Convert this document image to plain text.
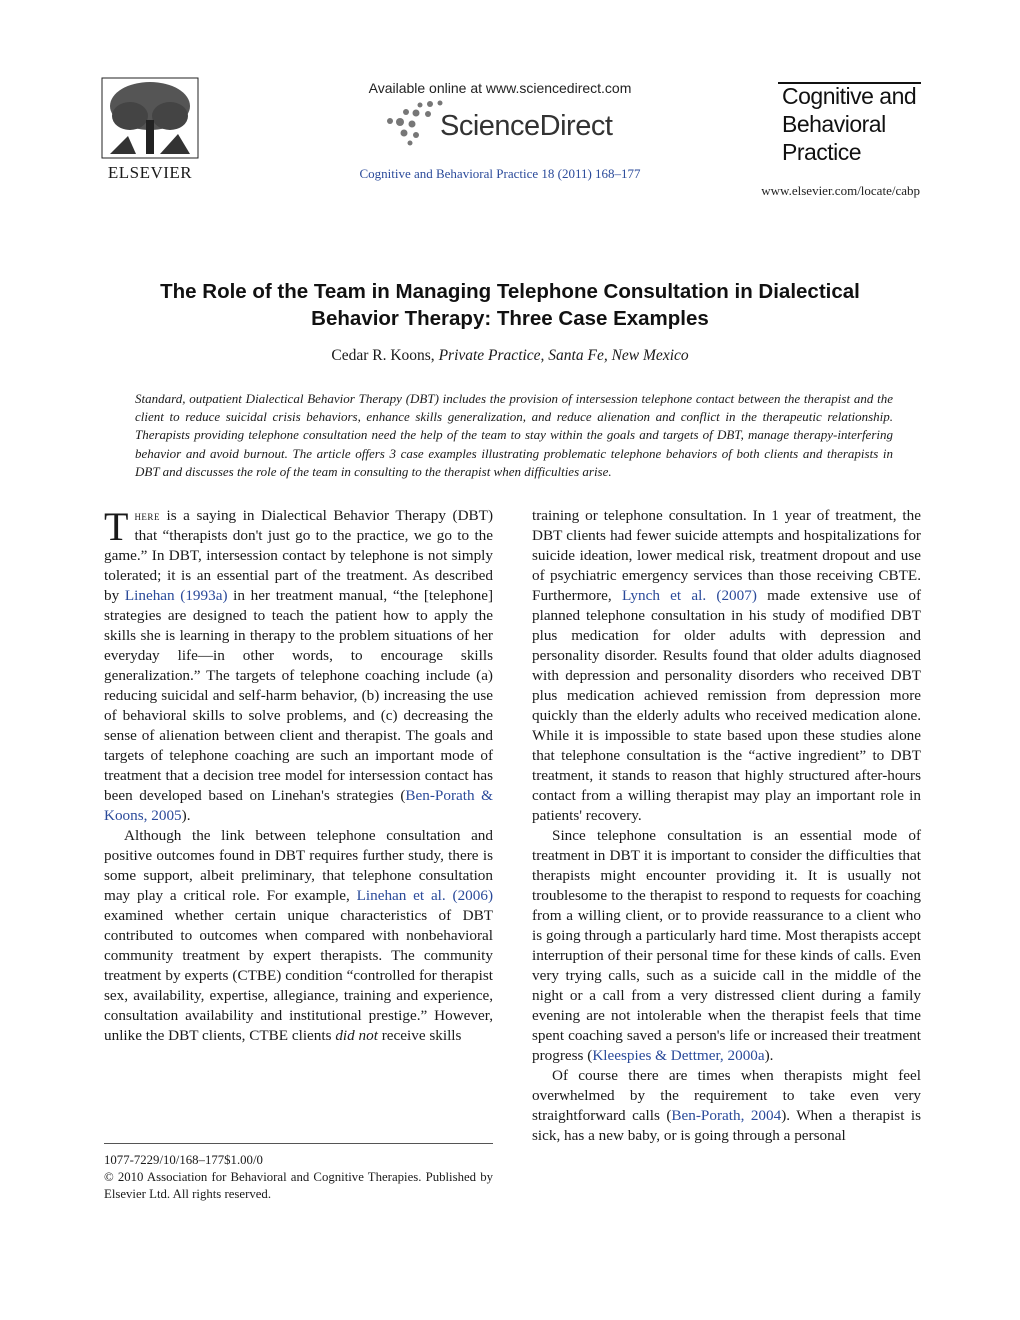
ELSEVIER
Available online at www.sciencedirect.com
ScienceDirect
Cognitive and Behavioral Practice 18 (2011) 168–177
Cognitive and
Behavioral
Practice
www.elsevier.com/locate/cabp
The Role of the Team in Managing Telephone Consultation in Dialectical
Behavior Therapy: Three Case Examples
Cedar R. Koons, Private Practice, Santa Fe, New Mexico
Standard, outpatient Dialectical Behavior Therapy (DBT) includes the provision of intersession telephone contact between the therapist and the client to reduce suicidal crisis behaviors, enhance skills generalization, and reduce alienation and conflict in the therapeutic relationship. Therapists providing telephone consultation need the help of the team to stay within the goals and targets of DBT, manage therapy-interfering behavior and avoid burnout. The article offers 3 case examples illustrating problematic telephone behaviors of both clients and therapists in DBT and discusses the role of the team in consulting to the therapist when difficulties arise.

There is a saying in Dialectical Behavior Therapy (DBT) that “therapists don't just go to the practice, we go to the game.” In DBT, intersession contact by telephone is not simply tolerated; it is an essential part of the treatment. As described by Linehan (1993a) in her treatment manual, “the [telephone] strategies are designed to teach the patient how to apply the skills she is learning in therapy to the problem situations of her everyday life—in other words, to encourage skills generalization.” The targets of telephone coaching include (a) reducing suicidal and self-harm behavior, (b) increasing the use of behavioral skills to solve problems, and (c) decreasing the sense of alienation between client and therapist. The goals and targets of telephone coaching are such an important mode of treatment that a decision tree model for intersession contact has been developed based on Linehan's strategies (Ben-Porath & Koons, 2005).

Although the link between telephone consultation and positive outcomes found in DBT requires further study, there is some support, albeit preliminary, that telephone consultation may play a critical role. For example, Linehan et al. (2006) examined whether certain unique characteristics of DBT contributed to outcomes when compared with nonbehavioral community treatment by expert therapists. The community treatment by experts (CTBE) condition “controlled for therapist sex, availability, expertise, allegiance, training and experience, consultation availability and institutional prestige.” However, unlike the DBT clients, CTBE clients did not receive skills

training or telephone consultation. In 1 year of treatment, the DBT clients had fewer suicide attempts and hospitalizations for suicide ideation, lower medical risk, treatment dropout and use of psychiatric emergency services than those receiving CBTE. Furthermore, Lynch et al. (2007) made extensive use of planned telephone consultation in his study of modified DBT plus medication for older adults with depression and personality disorder. Results found that older adults diagnosed with depression and personality disorders who received DBT plus medication achieved remission from depression more quickly than the elderly adults who received medication alone. While it is impossible to state based upon these studies alone that telephone consultation is the “active ingredient” to DBT treatment, it stands to reason that highly structured after-hours contact from a willing therapist may play an important role in patients' recovery.

Since telephone consultation is an essential mode of treatment in DBT it is important to consider the difficulties that therapists might encounter providing it. It is usually not troublesome to the therapist to respond to requests for coaching from a willing client, or to provide reassurance to a client who is going through a particularly hard time. Most therapists accept interruption of their personal time for these kinds of calls. Even very trying calls, such as a suicide call in the middle of the night or a call from a very distressed client during a family evening are not intolerable when the therapist feels that time spent coaching saved a person's life or increased their treatment progress (Kleespies & Dettmer, 2000a).

Of course there are times when therapists might feel overwhelmed by the requirement to take even very straightforward calls (Ben-Porath, 2004). When a therapist is sick, has a new baby, or is going through a personal

1077-7229/10/168–177$1.00/0
© 2010 Association for Behavioral and Cognitive Therapies. Published by Elsevier Ltd. All rights reserved.
